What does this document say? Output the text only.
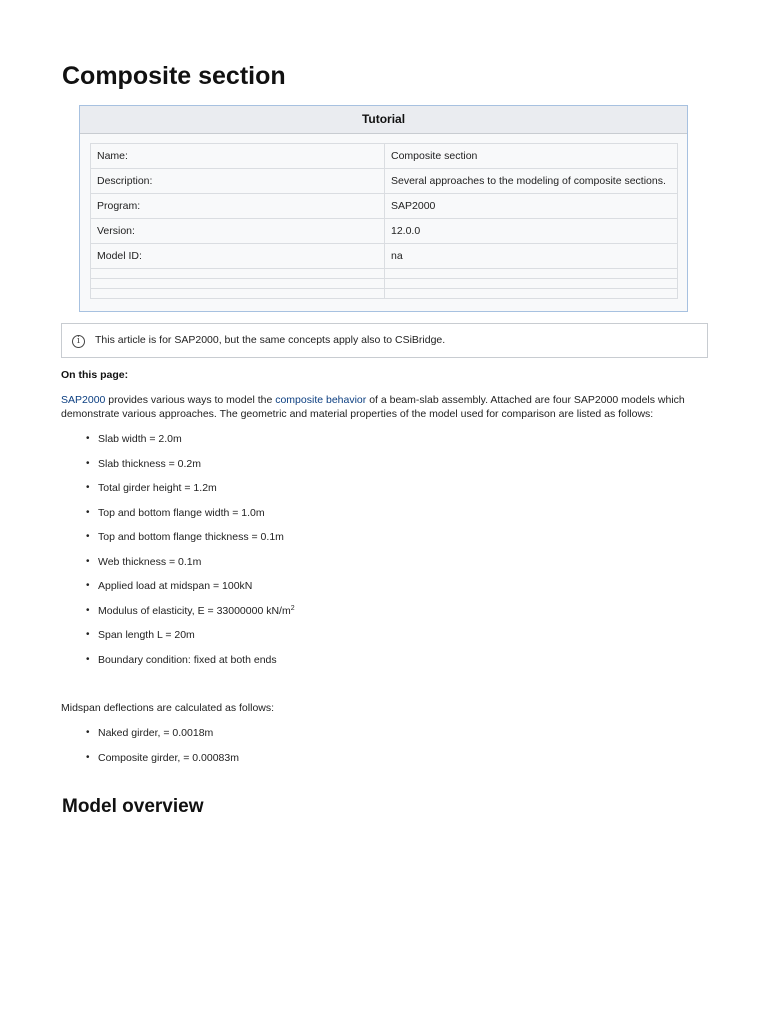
Composite section
Tutorial
Name:	Composite section
Description:	Several approaches to the modeling of composite sections.
Program:	SAP2000
Version:	12.0.0
Model ID:	na

i	This article is for SAP2000, but the same concepts apply also to CSiBridge.
On this page:

SAP2000 provides various ways to model the composite behavior of a beam-slab assembly. Attached are four SAP2000 models which demonstrate various approaches. The geometric and material properties of the model used for comparison are listed as follows:

• Slab width = 2.0m
• Slab thickness = 0.2m
• Total girder height = 1.2m
• Top and bottom flange width = 1.0m
• Top and bottom flange thickness = 0.1m
• Web thickness = 0.1m
• Applied load at midspan = 100kN
• Modulus of elasticity, E = 33000000 $kN/m^2$
• Span length L = 20m
• Boundary condition: fixed at both ends
Midspan deflections are calculated as follows:
• Naked girder, = 0.0018m
• Composite girder, = 0.00083m
Model overview
